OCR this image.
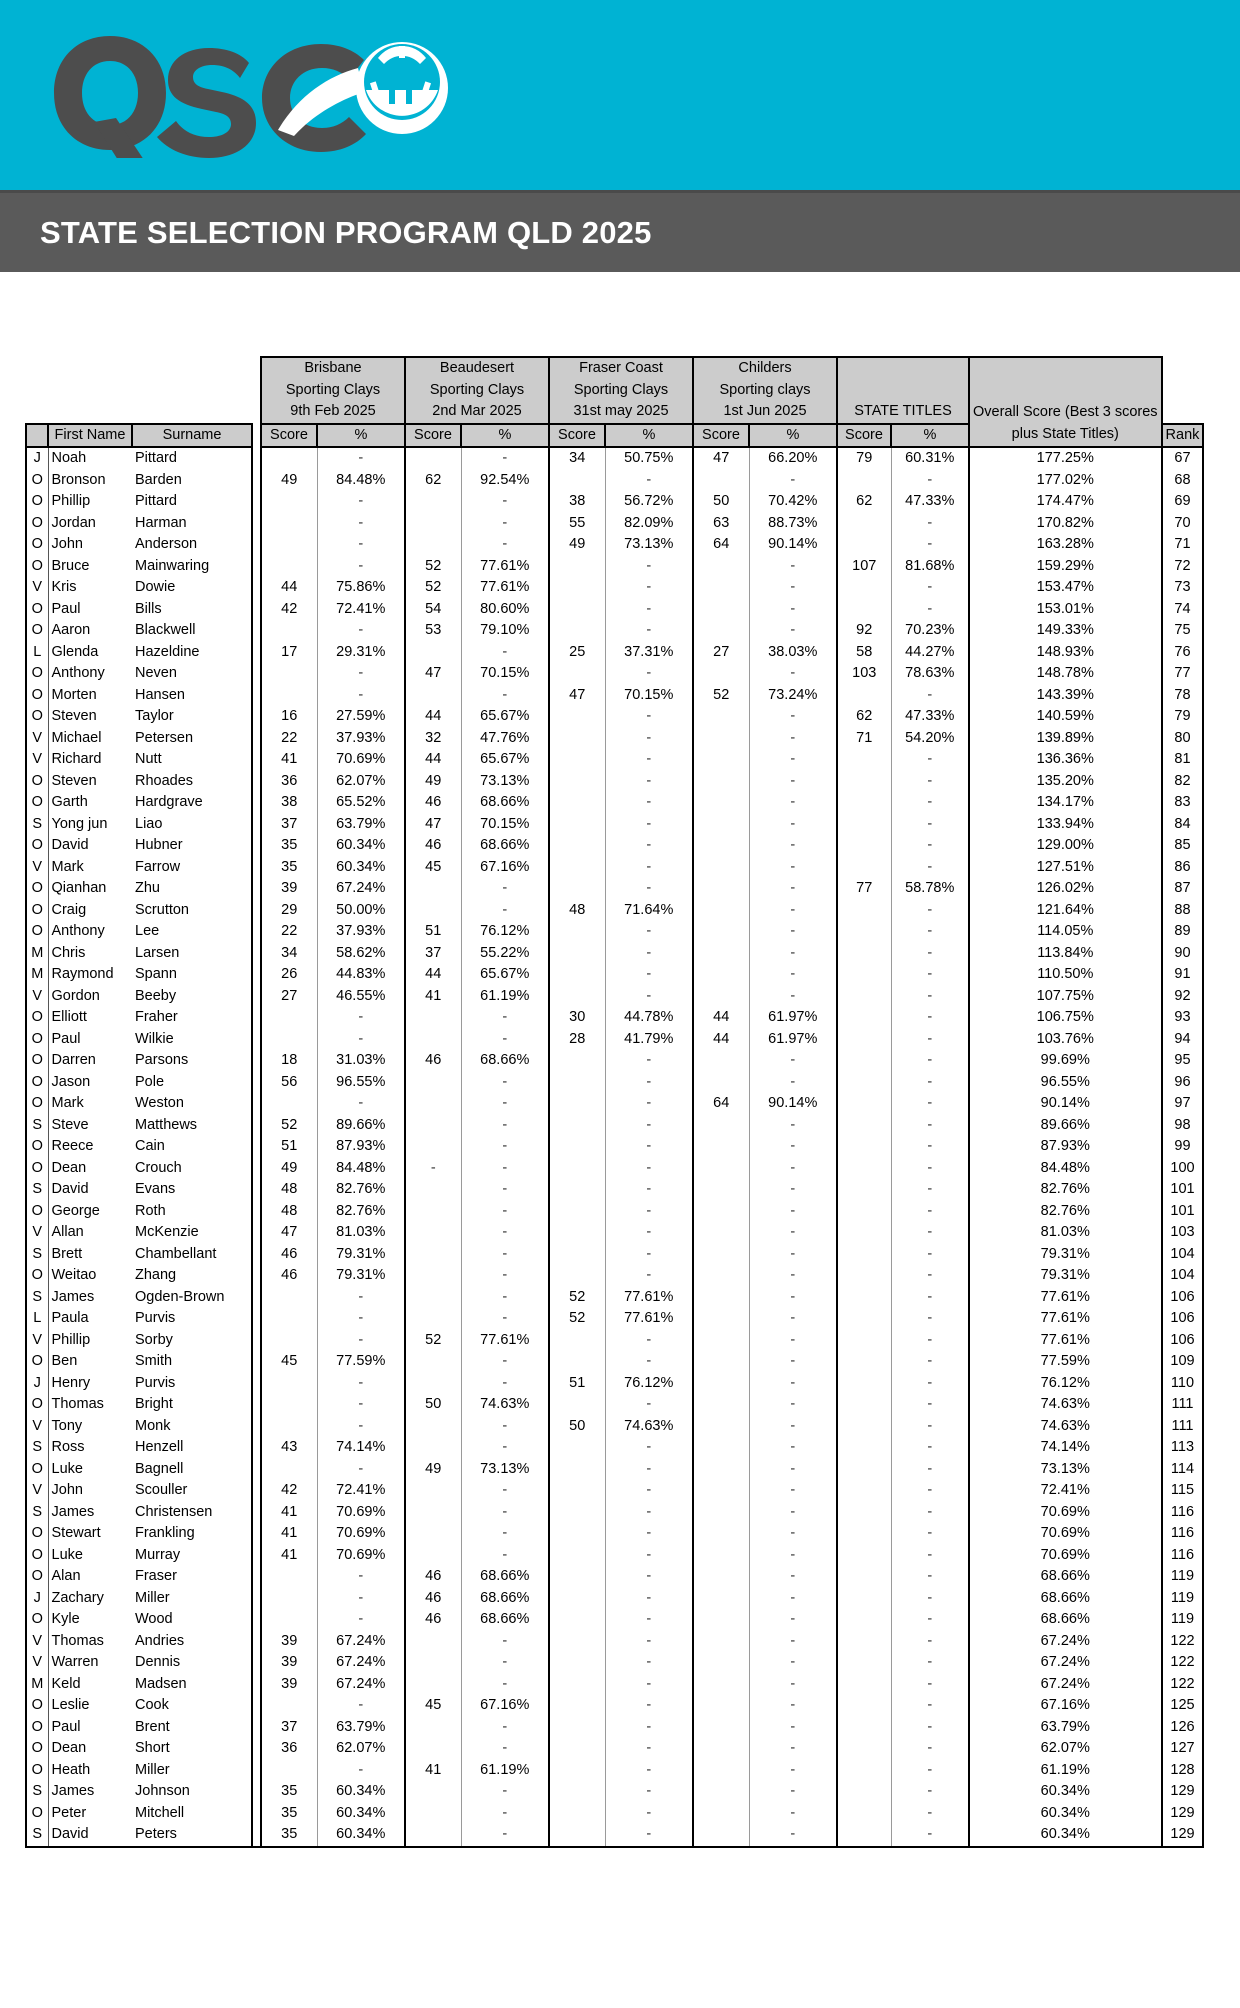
STATE SELECTION PROGRAM QLD 2025

				Brisbane
Sporting Clays
9th Feb 2025		Beaudesert
Sporting Clays
2nd Mar 2025		Fraser Coast
Sporting Clays
31st may 2025		Childers
Sporting clays
1st Jun 2025		STATE TITLES		Overall Score (Best 3 scores	
	First Name	Surname		Score	%	Score	%	Score	%	Score	%	Score	%	plus State Titles)	Rank
J	Noah	Pittard			-		-	34	50.75%	47	66.20%	79	60.31%	177.25%	67
O	Bronson	Barden		49	84.48%	62	92.54%		-		-		-	177.02%	68
O	Phillip	Pittard			-		-	38	56.72%	50	70.42%	62	47.33%	174.47%	69
O	Jordan	Harman			-		-	55	82.09%	63	88.73%		-	170.82%	70
O	John	Anderson			-		-	49	73.13%	64	90.14%		-	163.28%	71
O	Bruce	Mainwaring			-	52	77.61%		-		-	107	81.68%	159.29%	72
V	Kris	Dowie		44	75.86%	52	77.61%		-		-		-	153.47%	73
O	Paul	Bills		42	72.41%	54	80.60%		-		-		-	153.01%	74
O	Aaron	Blackwell			-	53	79.10%		-		-	92	70.23%	149.33%	75
L	Glenda	Hazeldine		17	29.31%		-	25	37.31%	27	38.03%	58	44.27%	148.93%	76
O	Anthony	Neven			-	47	70.15%		-		-	103	78.63%	148.78%	77
O	Morten	Hansen			-		-	47	70.15%	52	73.24%		-	143.39%	78
O	Steven	Taylor		16	27.59%	44	65.67%		-		-	62	47.33%	140.59%	79
V	Michael	Petersen		22	37.93%	32	47.76%		-		-	71	54.20%	139.89%	80
V	Richard	Nutt		41	70.69%	44	65.67%		-		-		-	136.36%	81
O	Steven	Rhoades		36	62.07%	49	73.13%		-		-		-	135.20%	82
O	Garth	Hardgrave		38	65.52%	46	68.66%		-		-		-	134.17%	83
S	Yong jun	Liao		37	63.79%	47	70.15%		-		-		-	133.94%	84
O	David	Hubner		35	60.34%	46	68.66%		-		-		-	129.00%	85
V	Mark	Farrow		35	60.34%	45	67.16%		-		-		-	127.51%	86
O	Qianhan	Zhu		39	67.24%		-		-		-	77	58.78%	126.02%	87
O	Craig	Scrutton		29	50.00%		-	48	71.64%		-		-	121.64%	88
O	Anthony	Lee		22	37.93%	51	76.12%		-		-		-	114.05%	89
M	Chris	Larsen		34	58.62%	37	55.22%		-		-		-	113.84%	90
M	Raymond	Spann		26	44.83%	44	65.67%		-		-		-	110.50%	91
V	Gordon	Beeby		27	46.55%	41	61.19%		-		-		-	107.75%	92
O	Elliott	Fraher			-		-	30	44.78%	44	61.97%		-	106.75%	93
O	Paul	Wilkie			-		-	28	41.79%	44	61.97%		-	103.76%	94
O	Darren	Parsons		18	31.03%	46	68.66%		-		-		-	99.69%	95
O	Jason	Pole		56	96.55%		-		-		-		-	96.55%	96
O	Mark	Weston			-		-		-	64	90.14%		-	90.14%	97
S	Steve	Matthews		52	89.66%		-		-		-		-	89.66%	98
O	Reece	Cain		51	87.93%		-		-		-		-	87.93%	99
O	Dean	Crouch		49	84.48%	-	-		-		-		-	84.48%	100
S	David	Evans		48	82.76%		-		-		-		-	82.76%	101
O	George	Roth		48	82.76%		-		-		-		-	82.76%	101
V	Allan	McKenzie		47	81.03%		-		-		-		-	81.03%	103
S	Brett	Chambellant		46	79.31%		-		-		-		-	79.31%	104
O	Weitao	Zhang		46	79.31%		-		-		-		-	79.31%	104
S	James	Ogden-Brown			-		-	52	77.61%		-		-	77.61%	106
L	Paula	Purvis			-		-	52	77.61%		-		-	77.61%	106
V	Phillip	Sorby			-	52	77.61%		-		-		-	77.61%	106
O	Ben	Smith		45	77.59%		-		-		-		-	77.59%	109
J	Henry	Purvis			-		-	51	76.12%		-		-	76.12%	110
O	Thomas	Bright			-	50	74.63%		-		-		-	74.63%	111
V	Tony	Monk			-		-	50	74.63%		-		-	74.63%	111
S	Ross	Henzell		43	74.14%		-		-		-		-	74.14%	113
O	Luke	Bagnell			-	49	73.13%		-		-		-	73.13%	114
V	John	Scouller		42	72.41%		-		-		-		-	72.41%	115
S	James	Christensen		41	70.69%		-		-		-		-	70.69%	116
O	Stewart	Frankling		41	70.69%		-		-		-		-	70.69%	116
O	Luke	Murray		41	70.69%		-		-		-		-	70.69%	116
O	Alan	Fraser			-	46	68.66%		-		-		-	68.66%	119
J	Zachary	Miller			-	46	68.66%		-		-		-	68.66%	119
O	Kyle	Wood			-	46	68.66%		-		-		-	68.66%	119
V	Thomas	Andries		39	67.24%		-		-		-		-	67.24%	122
V	Warren	Dennis		39	67.24%		-		-		-		-	67.24%	122
M	Keld	Madsen		39	67.24%		-		-		-		-	67.24%	122
O	Leslie	Cook			-	45	67.16%		-		-		-	67.16%	125
O	Paul	Brent		37	63.79%		-		-		-		-	63.79%	126
O	Dean	Short		36	62.07%		-		-		-		-	62.07%	127
O	Heath	Miller			-	41	61.19%		-		-		-	61.19%	128
S	James	Johnson		35	60.34%		-		-		-		-	60.34%	129
O	Peter	Mitchell		35	60.34%		-		-		-		-	60.34%	129
S	David	Peters		35	60.34%		-		-		-		-	60.34%	129
